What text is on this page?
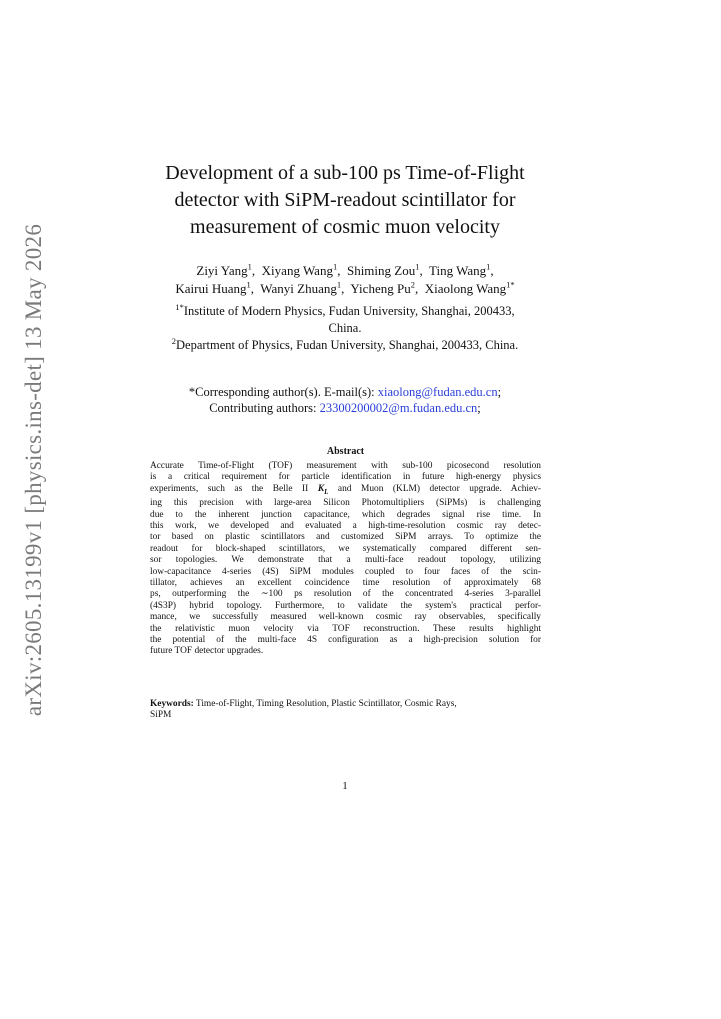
arXiv:2605.13199v1 [physics.ins-det] 13 May 2026
Development of a sub-100 ps Time-of-Flight
detector with SiPM-readout scintillator for
measurement of cosmic muon velocity
Ziyi Yang$^1$,  Xiyang Wang$^1$,  Shiming Zou$^1$,  Ting Wang$^1$,
Kairui Huang$^1$,  Wanyi Zhuang$^1$,  Yicheng Pu$^2$,  Xiaolong Wang$^{1*}$
$^{1*}$Institute of Modern Physics, Fudan University, Shanghai, 200433,
China.
$^2$Department of Physics, Fudan University, Shanghai, 200433, China.
*Corresponding author(s). E-mail(s): xiaolong@fudan.edu.cn;
Contributing authors: 23300200002@m.fudan.edu.cn;
Abstract
Accurate Time-of-Flight (TOF) measurement with sub-100 picosecond resolution
is a critical requirement for particle identification in future high-energy physics
experiments, such as the Belle II $K_L$ and Muon (KLM) detector upgrade. Achiev-
ing this precision with large-area Silicon Photomultipliers (SiPMs) is challenging
due to the inherent junction capacitance, which degrades signal rise time. In
this work, we developed and evaluated a high-time-resolution cosmic ray detec-
tor based on plastic scintillators and customized SiPM arrays. To optimize the
readout for block-shaped scintillators, we systematically compared different sen-
sor topologies. We demonstrate that a multi-face readout topology, utilizing
low-capacitance 4-series (4S) SiPM modules coupled to four faces of the scin-
tillator, achieves an excellent coincidence time resolution of approximately 68
ps, outperforming the ∼100 ps resolution of the concentrated 4-series 3-parallel
(4S3P) hybrid topology. Furthermore, to validate the system's practical perfor-
mance, we successfully measured well-known cosmic ray observables, specifically
the relativistic muon velocity via TOF reconstruction. These results highlight
the potential of the multi-face 4S configuration as a high-precision solution for
future TOF detector upgrades.
Keywords: Time-of-Flight, Timing Resolution, Plastic Scintillator, Cosmic Rays,
SiPM
1
